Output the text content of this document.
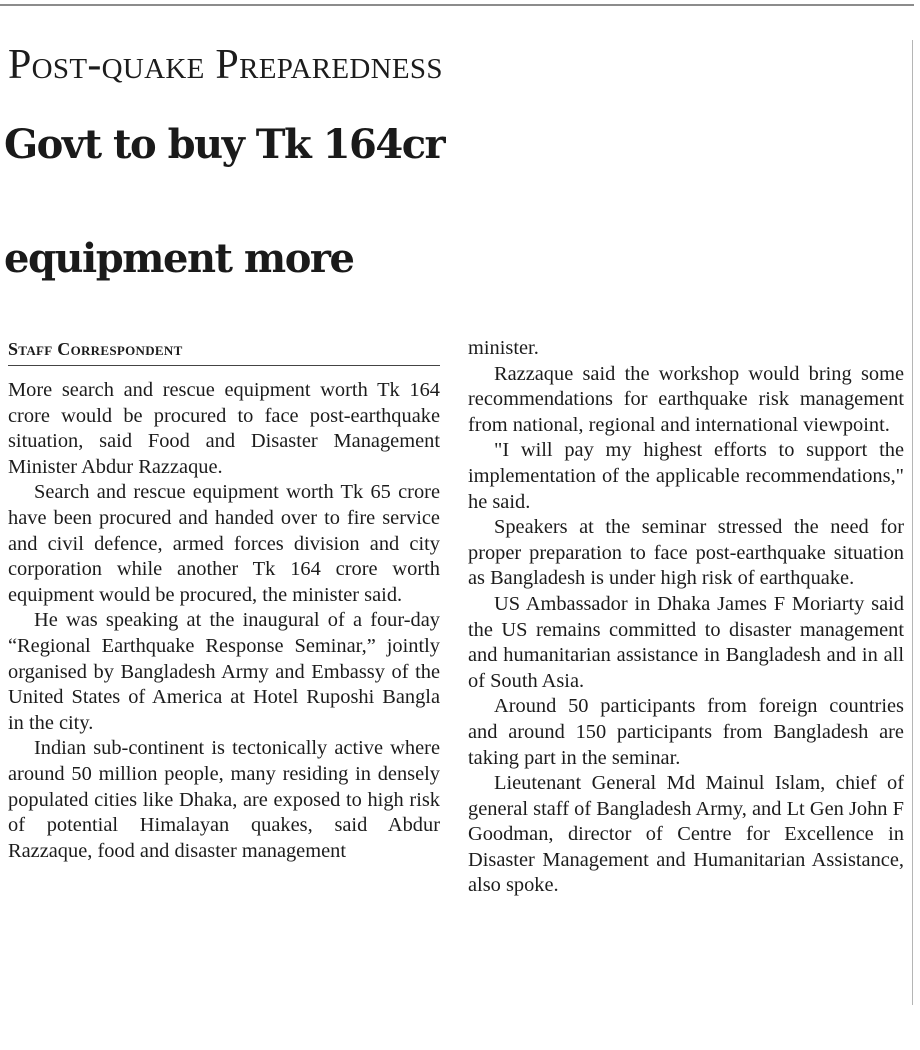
Post-quake Preparedness
Govt to buy Tk 164cr
equipment more
Staff Correspondent

More search and rescue equipment worth Tk 164 crore would be procured to face post-earthquake situation, said Food and Disaster Management Minister Abdur Razzaque.

Search and rescue equipment worth Tk 65 crore have been procured and handed over to fire service and civil defence, armed forces division and city corporation while another Tk 164 crore worth equipment would be procured, the minister said.

He was speaking at the inaugural of a four-day “Regional Earthquake Response Seminar,” jointly organised by Bangladesh Army and Embassy of the United States of America at Hotel Ruposhi Bangla in the city.

Indian sub-continent is tectonically active where around 50 million people, many residing in densely populated cities like Dhaka, are exposed to high risk of potential Himalayan quakes, said Abdur Razzaque, food and disaster management

minister.

Razzaque said the workshop would bring some recommendations for earthquake risk management from national, regional and international viewpoint.

"I will pay my highest efforts to support the implementation of the applicable recommendations," he said.

Speakers at the seminar stressed the need for proper preparation to face post-earthquake situation as Bangladesh is under high risk of earthquake.

US Ambassador in Dhaka James F Moriarty said the US remains committed to disaster management and humanitarian assistance in Bangladesh and in all of South Asia.

Around 50 participants from foreign countries and around 150 participants from Bangladesh are taking part in the seminar.

Lieutenant General Md Mainul Islam, chief of general staff of Bangladesh Army, and Lt Gen John F Goodman, director of Centre for Excellence in Disaster Management and Humanitarian Assistance, also spoke.
